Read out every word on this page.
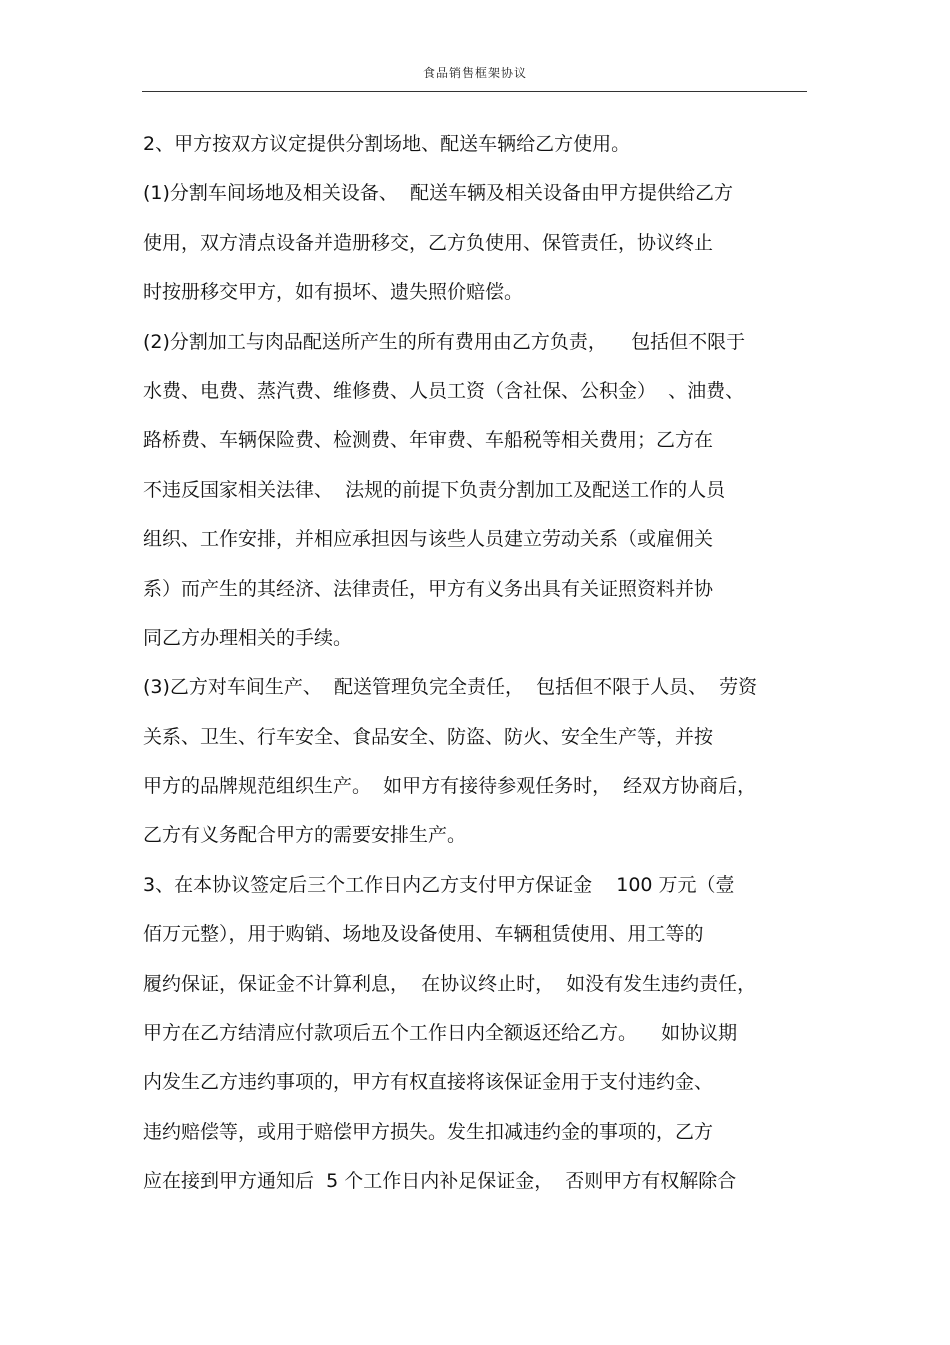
食品销售框架协议
2、甲方按双方议定提供分割场地、配送车辆给乙方使用。
(1)分割车间场地及相关设备、  配送车辆及相关设备由甲方提供给乙方
使用，双方清点设备并造册移交，乙方负使用、保管责任，协议终止
时按册移交甲方，如有损坏、遗失照价赔偿。
(2)分割加工与肉品配送所产生的所有费用由乙方负责，    包括但不限于
水费、电费、蒸汽费、维修费、人员工资（含社保、公积金）  、油费、
路桥费、车辆保险费、检测费、年审费、车船税等相关费用；乙方在
不违反国家相关法律、  法规的前提下负责分割加工及配送工作的人员
组织、工作安排，并相应承担因与该些人员建立劳动关系（或雇佣关
系）而产生的其经济、法律责任，甲方有义务出具有关证照资料并协
同乙方办理相关的手续。
(3)乙方对车间生产、  配送管理负完全责任，  包括但不限于人员、  劳资
关系、卫生、行车安全、食品安全、防盗、防火、安全生产等，并按
甲方的品牌规范组织生产。  如甲方有接待参观任务时，  经双方协商后，
乙方有义务配合甲方的需要安排生产。
3、在本协议签定后三个工作日内乙方支付甲方保证金    100 万元（壹
佰万元整），用于购销、场地及设备使用、车辆租赁使用、用工等的
履约保证，保证金不计算利息，  在协议终止时，  如没有发生违约责任，
甲方在乙方结清应付款项后五个工作日内全额返还给乙方。    如协议期
内发生乙方违约事项的，甲方有权直接将该保证金用于支付违约金、
违约赔偿等，或用于赔偿甲方损失。发生扣减违约金的事项的，乙方
应在接到甲方通知后  5 个工作日内补足保证金，  否则甲方有权解除合
